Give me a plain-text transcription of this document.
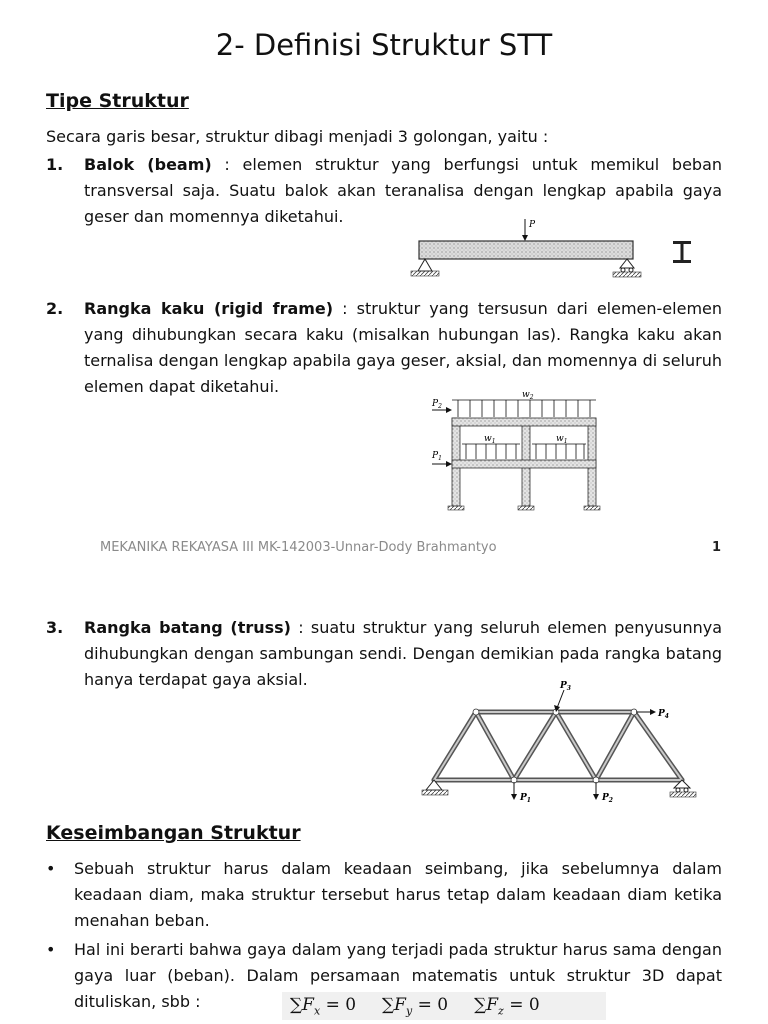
2- Definisi Struktur STT
Tipe Struktur
Secara garis besar, struktur dibagi menjadi 3 golongan, yaitu :
1. Balok (beam) : elemen struktur yang berfungsi untuk memikul beban transversal saja. Suatu balok akan teranalisa dengan lengkap apabila gaya geser dan momennya diketahui.	P
2. Rangka kaku (rigid frame) : struktur yang tersusun dari elemen-elemen yang dihubungkan secara kaku (misalkan hubungan las). Rangka kaku akan ternalisa dengan lengkap apabila gaya geser, aksial, dan momennya di seluruh elemen dapat diketahui.	$w_2$
$w_1$	$w_1$
$P_2$
$P_1$
MEKANIKA REKAYASA III MK-142003-Unnar-Dody Brahmantyo	1
3. Rangka batang (truss) : suatu struktur yang seluruh elemen penyusunnya dihubungkan dengan sambungan sendi. Dengan demikian pada rangka batang hanya terdapat gaya aksial.	$P_3$
$P_4$
$P_1$	$P_2$
Keseimbangan Struktur
• Sebuah struktur harus dalam keadaan seimbang, jika sebelumnya dalam keadaan diam, maka struktur tersebut harus tetap dalam keadaan diam ketika menahan beban.
• Hal ini berarti bahwa gaya dalam yang terjadi pada struktur harus sama dengan gaya luar (beban). Dalam persamaan matematis untuk struktur 3D dapat dituliskan, sbb :	$\sum F_x = 0$ $\sum F_y = 0$ $\sum F_z = 0$
